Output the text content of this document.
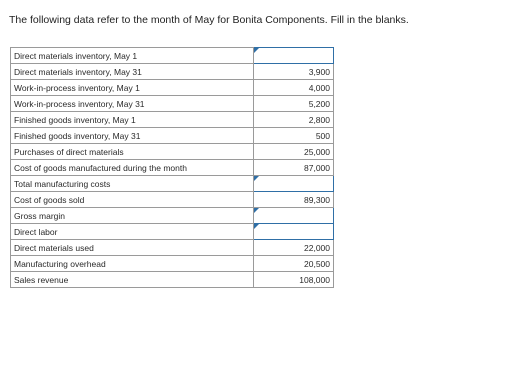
The following data refer to the month of May for Bonita Components. Fill in the blanks.
Direct materials inventory, May 1	

Direct materials inventory, May 31	3,900
Work-in-process inventory, May 1	4,000
Work-in-process inventory, May 31	5,200
Finished goods inventory, May 1	2,800
Finished goods inventory, May 31	500
Purchases of direct materials	25,000
Cost of goods manufactured during the month	87,000
Total manufacturing costs	

Cost of goods sold	89,300
Gross margin	

Direct labor	

Direct materials used	22,000
Manufacturing overhead	20,500
Sales revenue	108,000
